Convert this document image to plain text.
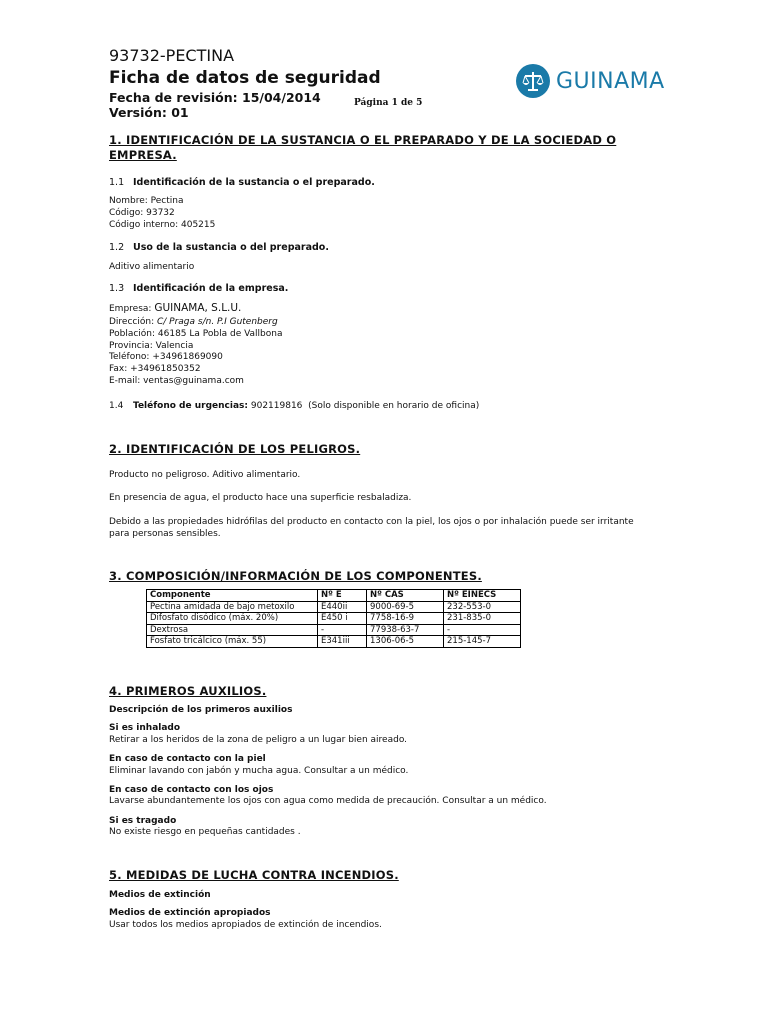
93732-PECTINA
Ficha de datos de seguridad
Fecha de revisión: 15/04/2014
Versión: 01
Página 1 de 5
GUINAMA
1. IDENTIFICACIÓN DE LA SUSTANCIA O EL PREPARADO Y DE LA SOCIEDAD O
EMPRESA.
1.1 Identificación de la sustancia o el preparado.
Nombre: Pectina
Código: 93732
Código interno: 405215
1.2 Uso de la sustancia o del preparado.
Aditivo alimentario
1.3 Identificación de la empresa.
Empresa: GUINAMA, S.L.U.
Dirección: C/ Praga s/n. P.I Gutenberg
Población: 46185 La Pobla de Vallbona
Provincia: Valencia
Teléfono: +34961869090
Fax: +34961850352
E-mail: ventas@guinama.com
1.4 Teléfono de urgencias: 902119816 (Solo disponible en horario de oficina)
2. IDENTIFICACIÓN DE LOS PELIGROS.
Producto no peligroso. Aditivo alimentario.
En presencia de agua, el producto hace una superficie resbaladiza.
Debido a las propiedades hidrófilas del producto en contacto con la piel, los ojos o por inhalación puede ser irritante
para personas sensibles.
3. COMPOSICIÓN/INFORMACIÓN DE LOS COMPONENTES.
Componente	Nº E	Nº CAS	Nº EINECS
Pectina amidada de bajo metoxilo	E440ii	9000-69-5	232-553-0
Difosfato disódico (máx. 20%)	E450 i	7758-16-9	231-835-0
Dextrosa	-	77938-63-7	-
Fosfato tricálcico (máx. 55)	E341iii	1306-06-5	215-145-7
4. PRIMEROS AUXILIOS.
Descripción de los primeros auxilios
Si es inhalado
Retirar a los heridos de la zona de peligro a un lugar bien aireado.
En caso de contacto con la piel
Eliminar lavando con jabón y mucha agua. Consultar a un médico.
En caso de contacto con los ojos
Lavarse abundantemente los ojos con agua como medida de precaución. Consultar a un médico.
Si es tragado
No existe riesgo en pequeñas cantidades .
5. MEDIDAS DE LUCHA CONTRA INCENDIOS.
Medios de extinción
Medios de extinción apropiados
Usar todos los medios apropiados de extinción de incendios.
